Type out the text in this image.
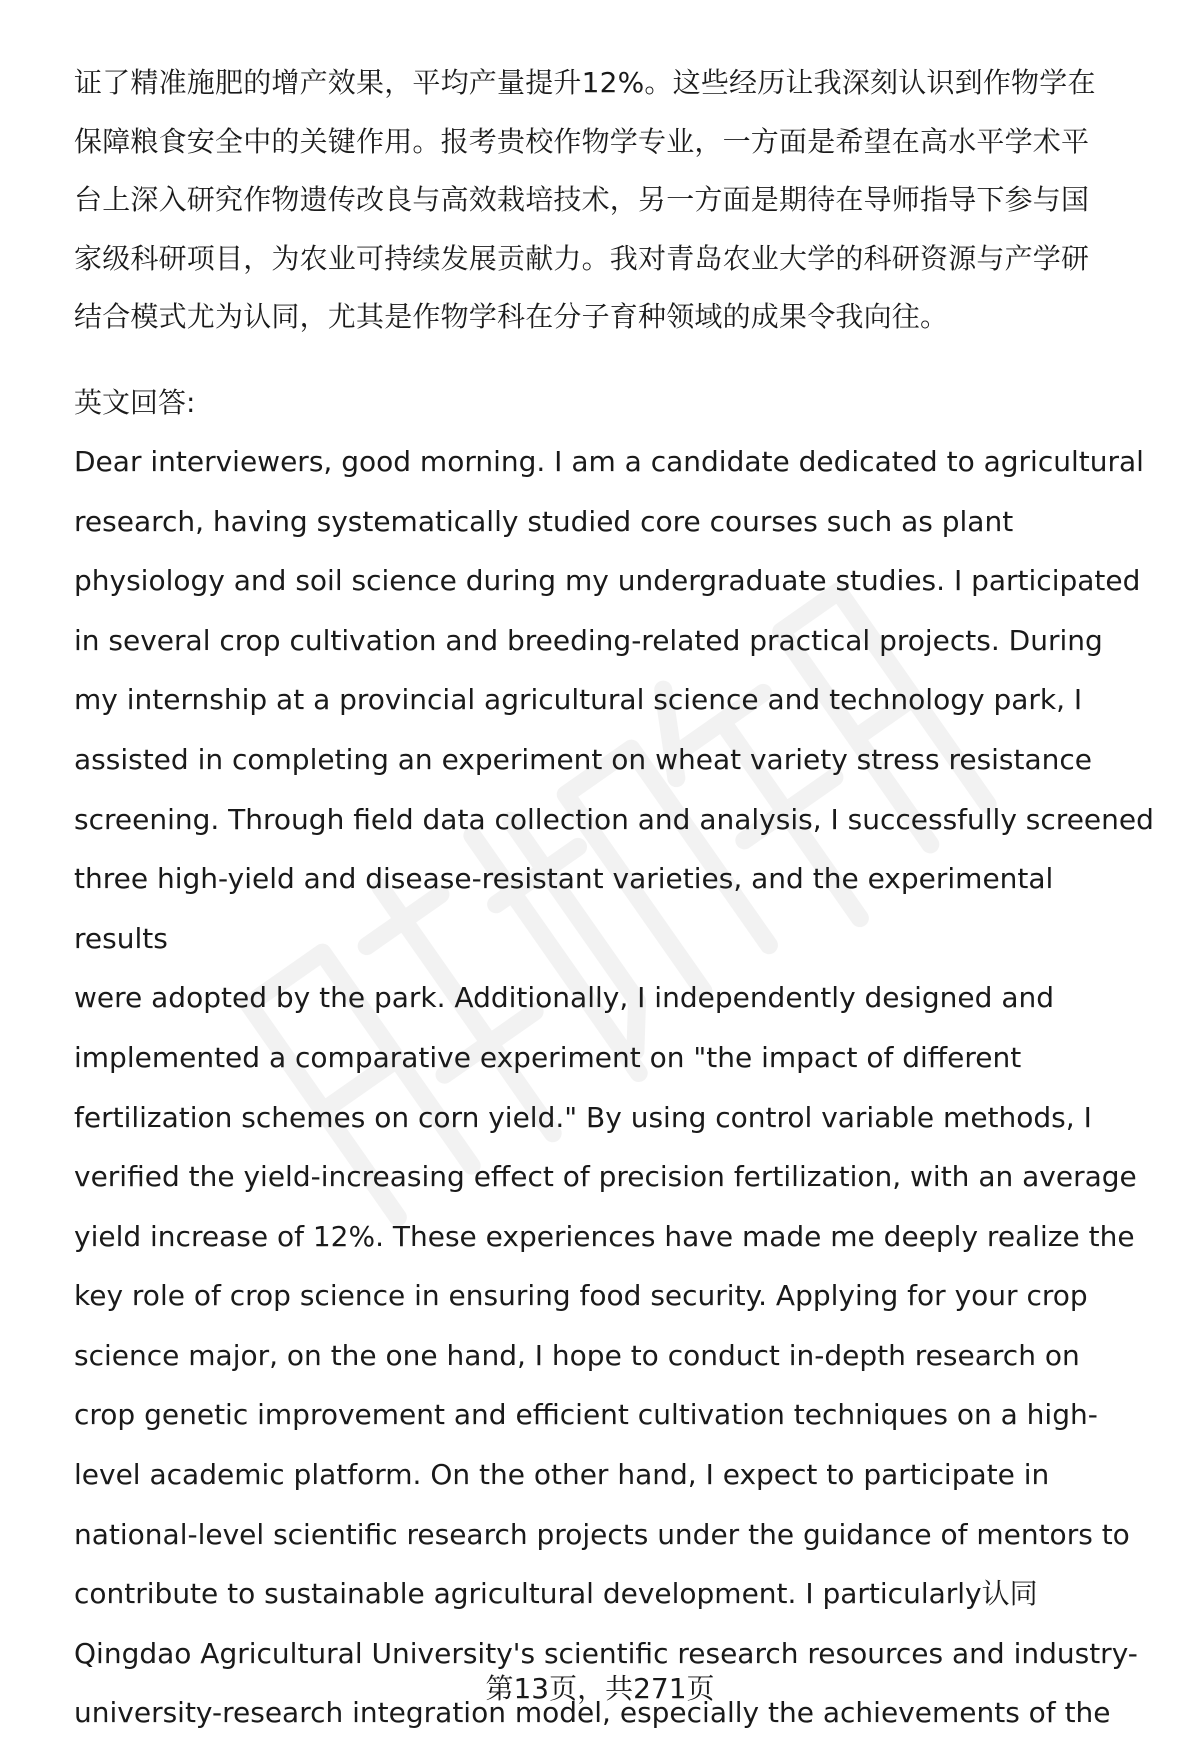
证了精准施肥的增产效果，平均产量提升12%。这些经历让我深刻认识到作物学在
保障粮食安全中的关键作用。报考贵校作物学专业，一方面是希望在高水平学术平
台上深入研究作物遗传改良与高效栽培技术，另一方面是期待在导师指导下参与国
家级科研项目，为农业可持续发展贡献力。我对青岛农业大学的科研资源与产学研
结合模式尤为认同，尤其是作物学科在分子育种领域的成果令我向往。

英文回答:

Dear interviewers, good morning. I am a candidate dedicated to agricultural
research, having systematically studied core courses such as plant
physiology and soil science during my undergraduate studies. I participated
in several crop cultivation and breeding-related practical projects. During
my internship at a provincial agricultural science and technology park, I
assisted in completing an experiment on wheat variety stress resistance
screening. Through field data collection and analysis, I successfully screened
three high-yield and disease-resistant varieties, and the experimental results
were adopted by the park. Additionally, I independently designed and
implemented a comparative experiment on "the impact of different
fertilization schemes on corn yield." By using control variable methods, I
verified the yield-increasing effect of precision fertilization, with an average
yield increase of 12%. These experiences have made me deeply realize the
key role of crop science in ensuring food security. Applying for your crop
science major, on the one hand, I hope to conduct in-depth research on
crop genetic improvement and efficient cultivation techniques on a high-
level academic platform. On the other hand, I expect to participate in
national-level scientific research projects under the guidance of mentors to
contribute to sustainable agricultural development. I particularly认同
Qingdao Agricultural University's scientific research resources and industry-
university-research integration model, especially the achievements of the

第13页，共271页
